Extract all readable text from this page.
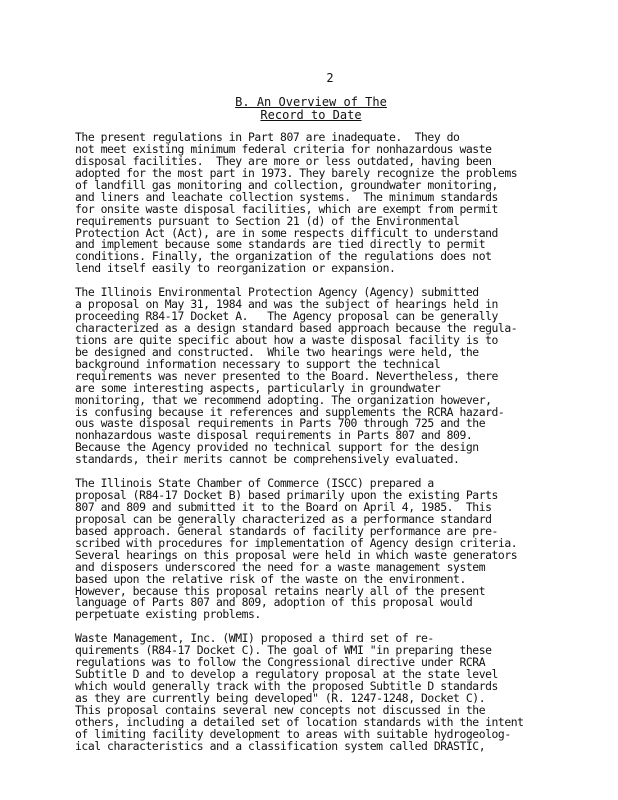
2
B. An Overview of The
Record to Date
The present regulations in Part 807 are inadequate.  They do
not meet existing minimum federal criteria for nonhazardous waste
disposal facilities.  They are more or less outdated, having been
adopted for the most part in 1973. They barely recognize the problems
of landfill gas monitoring and collection, groundwater monitoring,
and liners and leachate collection systems.  The minimum standards
for onsite waste disposal facilities, which are exempt from permit
requirements pursuant to Section 21 (d) of the Environmental
Protection Act (Act), are in some respects difficult to understand
and implement because some standards are tied directly to permit
conditions. Finally, the organization of the regulations does not
lend itself easily to reorganization or expansion.
The Illinois Environmental Protection Agency (Agency) submitted
a proposal on May 31, 1984 and was the subject of hearings held in
proceeding R84-17 Docket A.   The Agency proposal can be generally
characterized as a design standard based approach because the regula-
tions are quite specific about how a waste disposal facility is to
be designed and constructed.  While two hearings were held, the
background information necessary to support the technical
requirements was never presented to the Board. Nevertheless, there
are some interesting aspects, particularly in groundwater
monitoring, that we recommend adopting. The organization however,
is confusing because it references and supplements the RCRA hazard-
ous waste disposal requirements in Parts 700 through 725 and the
nonhazardous waste disposal requirements in Parts 807 and 809.
Because the Agency provided no technical support for the design
standards, their merits cannot be comprehensively evaluated.
The Illinois State Chamber of Commerce (ISCC) prepared a
proposal (R84-17 Docket B) based primarily upon the existing Parts
807 and 809 and submitted it to the Board on April 4, 1985.  This
proposal can be generally characterized as a performance standard
based approach. General standards of facility performance are pre-
scribed with procedures for implementation of Agency design criteria.
Several hearings on this proposal were held in which waste generators
and disposers underscored the need for a waste management system
based upon the relative risk of the waste on the environment.
However, because this proposal retains nearly all of the present
language of Parts 807 and 809, adoption of this proposal would
perpetuate existing problems.
Waste Management, Inc. (WMI) proposed a third set of re-
quirements (R84-17 Docket C). The goal of WMI "in preparing these
regulations was to follow the Congressional directive under RCRA
Subtitle D and to develop a regulatory proposal at the state level
which would generally track with the proposed Subtitle D standards
as they are currently being developed" (R. 1247-1248, Docket C).
This proposal contains several new concepts not discussed in the
others, including a detailed set of location standards with the intent
of limiting facility development to areas with suitable hydrogeolog-
ical characteristics and a classification system called DRASTIC,
